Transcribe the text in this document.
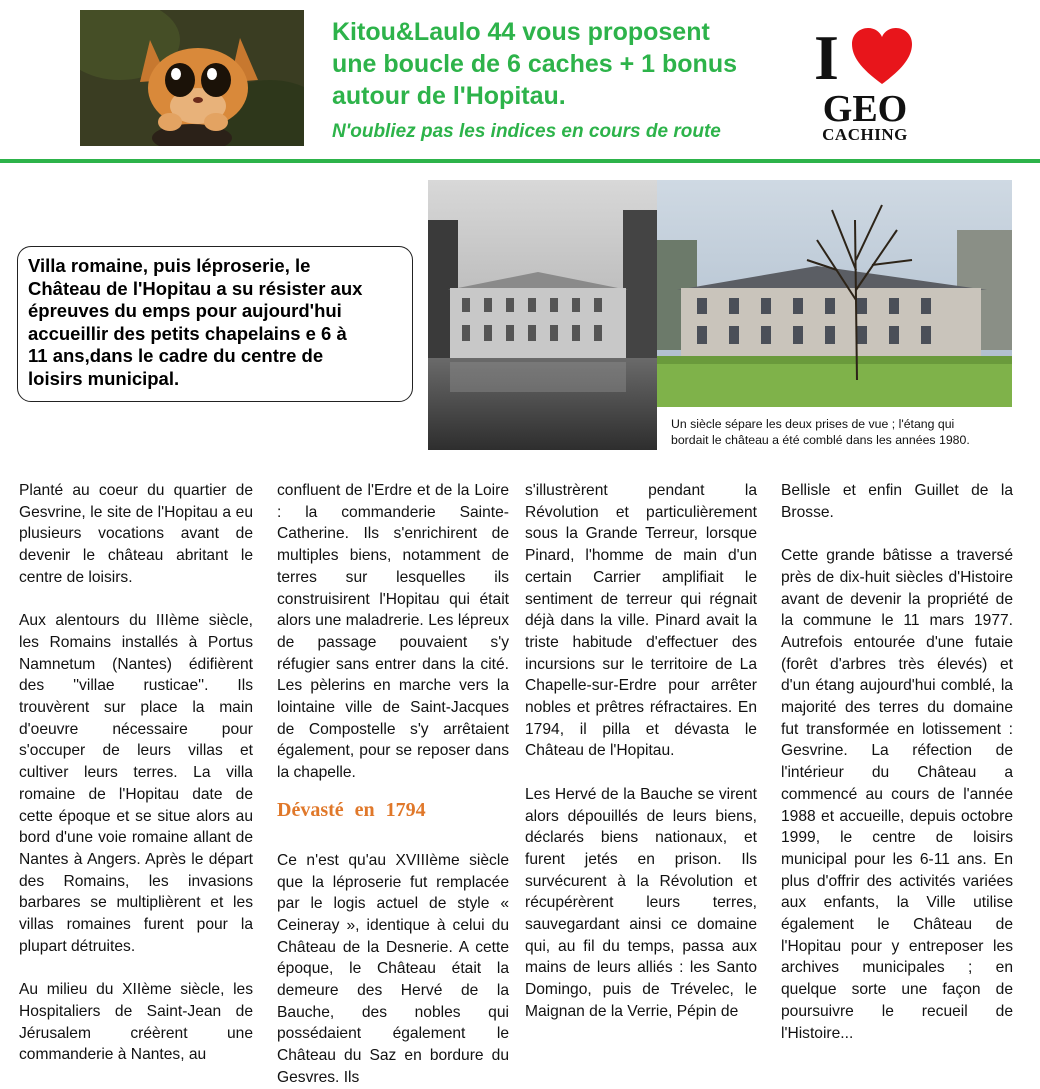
Kitou&Laulo 44 vous proposent
une boucle de 6 caches + 1 bonus
autour de l'Hopitau.
N'oubliez pas les indices en cours de route
I
GEO
CACHING
Villa romaine, puis léproserie, le
Château de l'Hopitau a su résister aux
épreuves du emps pour aujourd'hui
accueillir des petits chapelains e 6 à
11 ans,dans le cadre du centre de
loisirs municipal.
Un siècle sépare les deux prises de vue ; l'étang qui
bordait le château a été comblé dans les années 1980.

Planté au coeur du quartier de Gesvrine, le site de l'Hopitau a eu plusieurs vocations avant de devenir le château abritant le centre de loisirs.

Aux alentours du IIIème siècle, les Romains installés à Portus Namnetum (Nantes) édifièrent des ''villae rusticae''. Ils trouvèrent sur place la main d'oeuvre nécessaire pour s'occuper de leurs villas et cultiver leurs terres. La villa romaine de l'Hopitau date de cette époque et se situe alors au bord d'une voie romaine allant de Nantes à Angers. Après le départ des Romains, les invasions barbares se multiplièrent et les villas romaines furent pour la plupart détruites.

Au milieu du XIIème siècle, les Hospitaliers de Saint-Jean de Jérusalem créèrent une commanderie à Nantes, au

confluent de l'Erdre et de la Loire : la commanderie Sainte-Catherine. Ils s'enrichirent de multiples biens, notamment de terres sur lesquelles ils construisirent l'Hopitau qui était alors une maladrerie. Les lépreux de passage pouvaient s'y réfugier sans entrer dans la cité. Les pèlerins en marche vers la lointaine ville de Saint-Jacques de Compostelle s'y arrêtaient également, pour se reposer dans la chapelle.

Dévasté en 1794

Ce n'est qu'au XVIIIème siècle que la léproserie fut remplacée par le logis actuel de style « Ceineray », identique à celui du Château de la Desnerie. A cette époque, le Château était la demeure des Hervé de la Bauche, des nobles qui possédaient également le Château du Saz en bordure du Gesvres. Ils

s'illustrèrent pendant la Révolution et particulièrement sous la Grande Terreur, lorsque Pinard, l'homme de main d'un certain Carrier amplifiait le sentiment de terreur qui régnait déjà dans la ville. Pinard avait la triste habitude d'effectuer des incursions sur le territoire de La Chapelle-sur-Erdre pour arrêter nobles et prêtres réfractaires. En 1794, il pilla et dévasta le Château de l'Hopitau.

Les Hervé de la Bauche se virent alors dépouillés de leurs biens, déclarés biens nationaux, et furent jetés en prison. Ils survécurent à la Révolution et récupérèrent leurs terres, sauvegardant ainsi ce domaine qui, au fil du temps, passa aux mains de leurs alliés : les Santo Domingo, puis de Trévelec, le Maignan de la Verrie, Pépin de

Bellisle et enfin Guillet de la Brosse.

Cette grande bâtisse a traversé près de dix-huit siècles d'Histoire avant de devenir la propriété de la commune le 11 mars 1977. Autrefois entourée d'une futaie (forêt d'arbres très élevés) et d'un étang aujourd'hui comblé, la majorité des terres du domaine fut transformée en lotissement : Gesvrine. La réfection de l'intérieur du Château a commencé au cours de l'année 1988 et accueille, depuis octobre 1999, le centre de loisirs municipal pour les 6-11 ans. En plus d'offrir des activités variées aux enfants, la Ville utilise également le Château de l'Hopitau pour y entreposer les archives municipales ; en quelque sorte une façon de poursuivre le recueil de l'Histoire...
